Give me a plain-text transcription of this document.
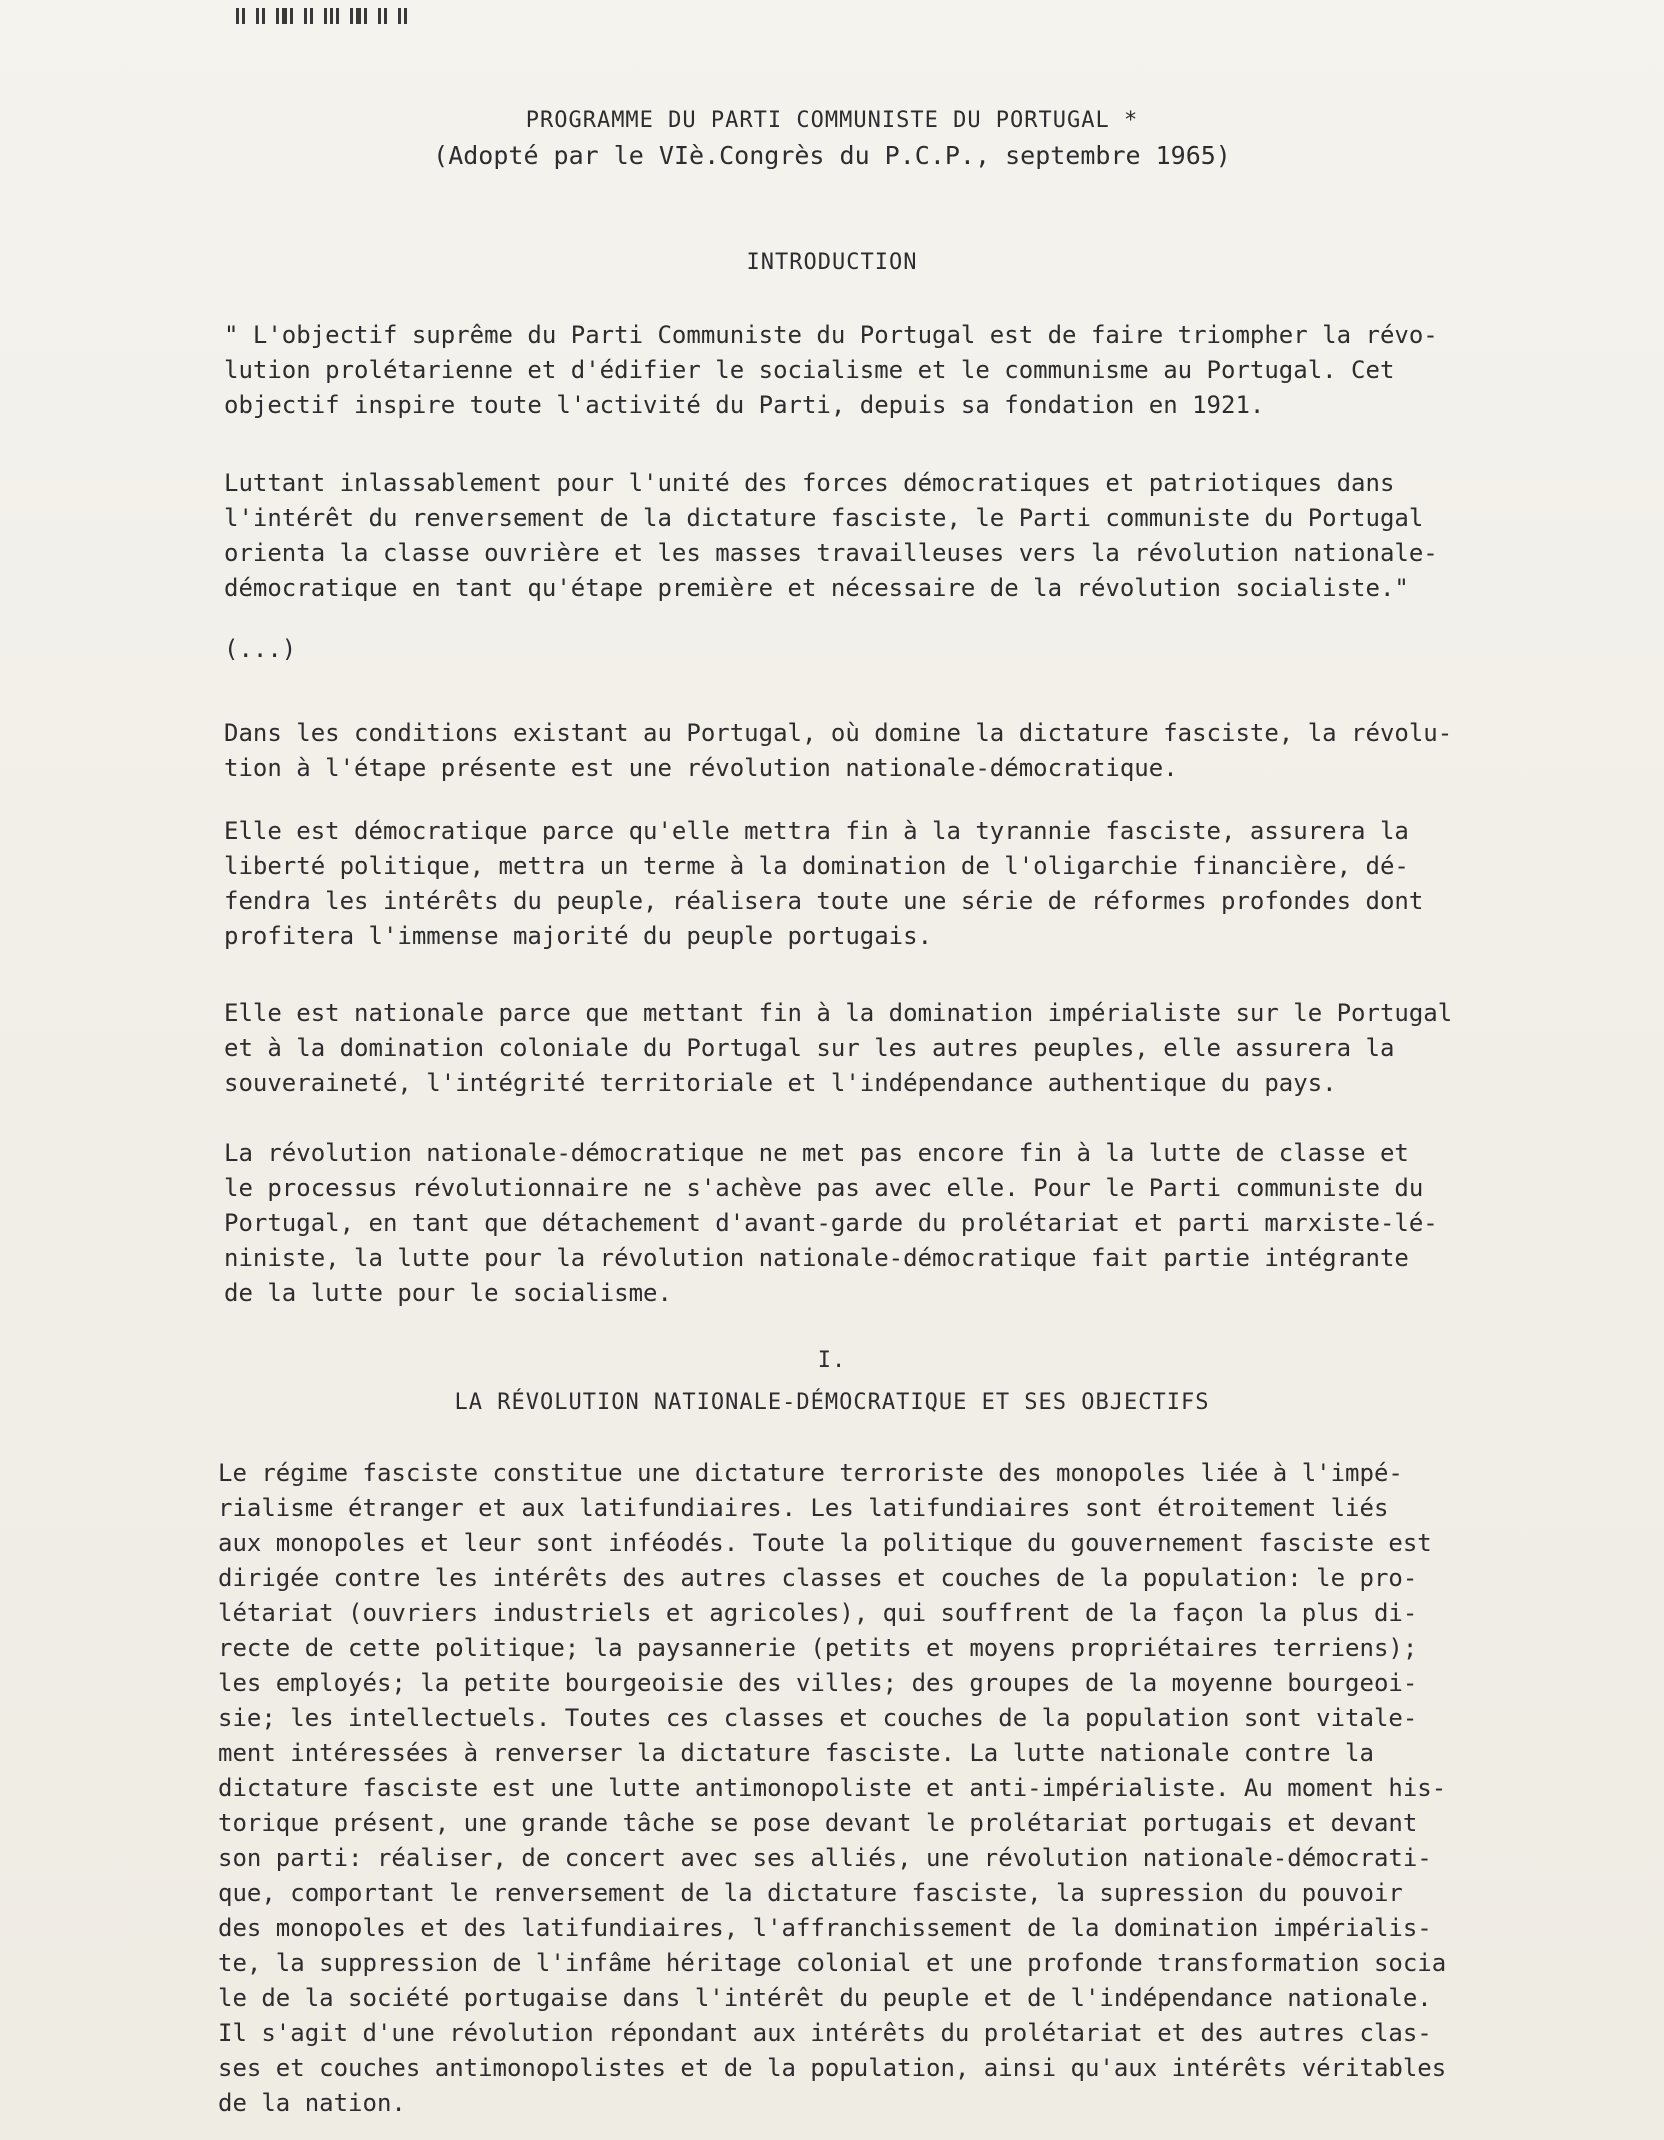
PROGRAMME DU PARTI COMMUNISTE DU PORTUGAL *

(Adopté par le VIè.Congrès du P.C.P., septembre 1965)

INTRODUCTION

" L'objectif suprême du Parti Communiste du Portugal est de faire triompher la révo-
lution prolétarienne et d'édifier le socialisme et le communisme au Portugal. Cet
objectif inspire toute l'activité du Parti, depuis sa fondation en 1921.

Luttant inlassablement pour l'unité des forces démocratiques et patriotiques dans
l'intérêt du renversement de la dictature fasciste, le Parti communiste du Portugal
orienta la classe ouvrière et les masses travailleuses vers la révolution nationale-
démocratique en tant qu'étape première et nécessaire de la révolution socialiste."

(...)

Dans les conditions existant au Portugal, où domine la dictature fasciste, la révolu-
tion à l'étape présente est une révolution nationale-démocratique.

Elle est démocratique parce qu'elle mettra fin à la tyrannie fasciste, assurera la
liberté politique, mettra un terme à la domination de l'oligarchie financière, dé-
fendra les intérêts du peuple, réalisera toute une série de réformes profondes dont
profitera l'immense majorité du peuple portugais.

Elle est nationale parce que mettant fin à la domination impérialiste sur le Portugal
et à la domination coloniale du Portugal sur les autres peuples, elle assurera la
souveraineté, l'intégrité territoriale et l'indépendance authentique du pays.

La révolution nationale-démocratique ne met pas encore fin à la lutte de classe et
le processus révolutionnaire ne s'achève pas avec elle. Pour le Parti communiste du
Portugal, en tant que détachement d'avant-garde du prolétariat et parti marxiste-lé-
niniste, la lutte pour la révolution nationale-démocratique fait partie intégrante
de la lutte pour le socialisme.

I.
LA RÉVOLUTION NATIONALE-DÉMOCRATIQUE ET SES OBJECTIFS

Le régime fasciste constitue une dictature terroriste des monopoles liée à l'impé-
rialisme étranger et aux latifundiaires. Les latifundiaires sont étroitement liés
aux monopoles et leur sont inféodés. Toute la politique du gouvernement fasciste est
dirigée contre les intérêts des autres classes et couches de la population: le pro-
létariat (ouvriers industriels et agricoles), qui souffrent de la façon la plus di-
recte de cette politique; la paysannerie (petits et moyens propriétaires terriens);
les employés; la petite bourgeoisie des villes; des groupes de la moyenne bourgeoi-
sie; les intellectuels. Toutes ces classes et couches de la population sont vitale-
ment intéressées à renverser la dictature fasciste. La lutte nationale contre la
dictature fasciste est une lutte antimonopoliste et anti-impérialiste. Au moment his-
torique présent, une grande tâche se pose devant le prolétariat portugais et devant
son parti: réaliser, de concert avec ses alliés, une révolution nationale-démocrati-
que, comportant le renversement de la dictature fasciste, la supression du pouvoir
des monopoles et des latifundiaires, l'affranchissement de la domination impérialis-
te, la suppression de l'infâme héritage colonial et une profonde transformation socia
le de la société portugaise dans l'intérêt du peuple et de l'indépendance nationale.
Il s'agit d'une révolution répondant aux intérêts du prolétariat et des autres clas-
ses et couches antimonopolistes et de la population, ainsi qu'aux intérêts véritables
de la nation.
